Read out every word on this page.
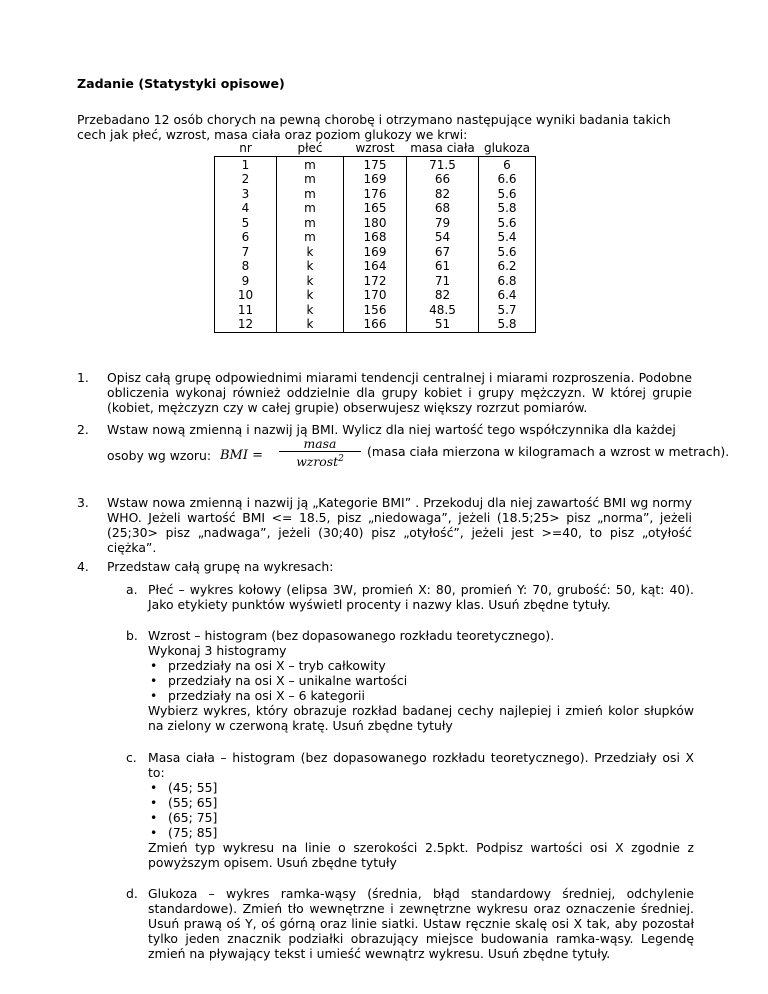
Zadanie (Statystyki opisowe)
Przebadano 12 osób chorych na pewną chorobę i otrzymano następujące wyniki badania takich cech jak płeć, wzrost, masa ciała oraz poziom glukozy we krwi:
nr	płeć	wzrost	masa ciała	glukoza
1	m	175	71.5	6
2	m	169	66	6.6
3	m	176	82	5.6
4	m	165	68	5.8
5	m	180	79	5.6
6	m	168	54	5.4
7	k	169	67	5.6
8	k	164	61	6.2
9	k	172	71	6.8
10	k	170	82	6.4
11	k	156	48.5	5.7
12	k	166	51	5.8
1. Opisz całą grupę odpowiednimi miarami tendencji centralnej i miarami rozproszenia. Podobne obliczenia wykonaj również oddzielnie dla grupy kobiet i grupy mężczyzn. W której grupie (kobiet, mężczyzn czy w całej grupie) obserwujesz większy rozrzut pomiarów.
2. Wstaw nową zmienną i nazwij ją BMI. Wylicz dla niej wartość tego współczynnika dla każdej
osoby wg wzoru: BMI =
masa
wzrost$^2$	(masa ciała mierzona w kilogramach a wzrost w metrach).
3. Wstaw nowa zmienną i nazwij ją „Kategorie BMI” . Przekoduj dla niej zawartość BMI wg normy WHO. Jeżeli wartość BMI <= 18.5, pisz „niedowaga”, jeżeli (18.5;25> pisz „norma”, jeżeli (25;30> pisz „nadwaga”, jeżeli (30;40) pisz „otyłość”, jeżeli jest >=40, to pisz „otyłość ciężka”.
4. Przedstaw całą grupę na wykresach:
a. Płeć – wykres kołowy (elipsa 3W, promień X: 80, promień Y: 70, grubość: 50, kąt: 40). Jako etykiety punktów wyświetl procenty i nazwy klas. Usuń zbędne tytuły.
b. Wzrost – histogram (bez dopasowanego rozkładu teoretycznego). Wykonaj 3 histogramy
• przedziały na osi X – tryb całkowity
• przedziały na osi X – unikalne wartości
• przedziały na osi X – 6 kategorii
Wybierz wykres, który obrazuje rozkład badanej cechy najlepiej i zmień kolor słupków na zielony w czerwoną kratę. Usuń zbędne tytuły
c. Masa ciała – histogram (bez dopasowanego rozkładu teoretycznego). Przedziały osi X to:
• (45; 55]
• (55; 65]
• (65; 75]
• (75; 85]
Zmień typ wykresu na linie o szerokości 2.5pkt. Podpisz wartości osi X zgodnie z powyższym opisem. Usuń zbędne tytuły
d. Glukoza – wykres ramka-wąsy (średnia, błąd standardowy średniej, odchylenie standardowe). Zmień tło wewnętrzne i zewnętrzne wykresu oraz oznaczenie średniej. Usuń prawą oś Y, oś górną oraz linie siatki. Ustaw ręcznie skalę osi X tak, aby pozostał tylko jeden znacznik podziałki obrazujący miejsce budowania ramka-wąsy. Legendę zmień na pływający tekst i umieść wewnątrz wykresu. Usuń zbędne tytuły.
